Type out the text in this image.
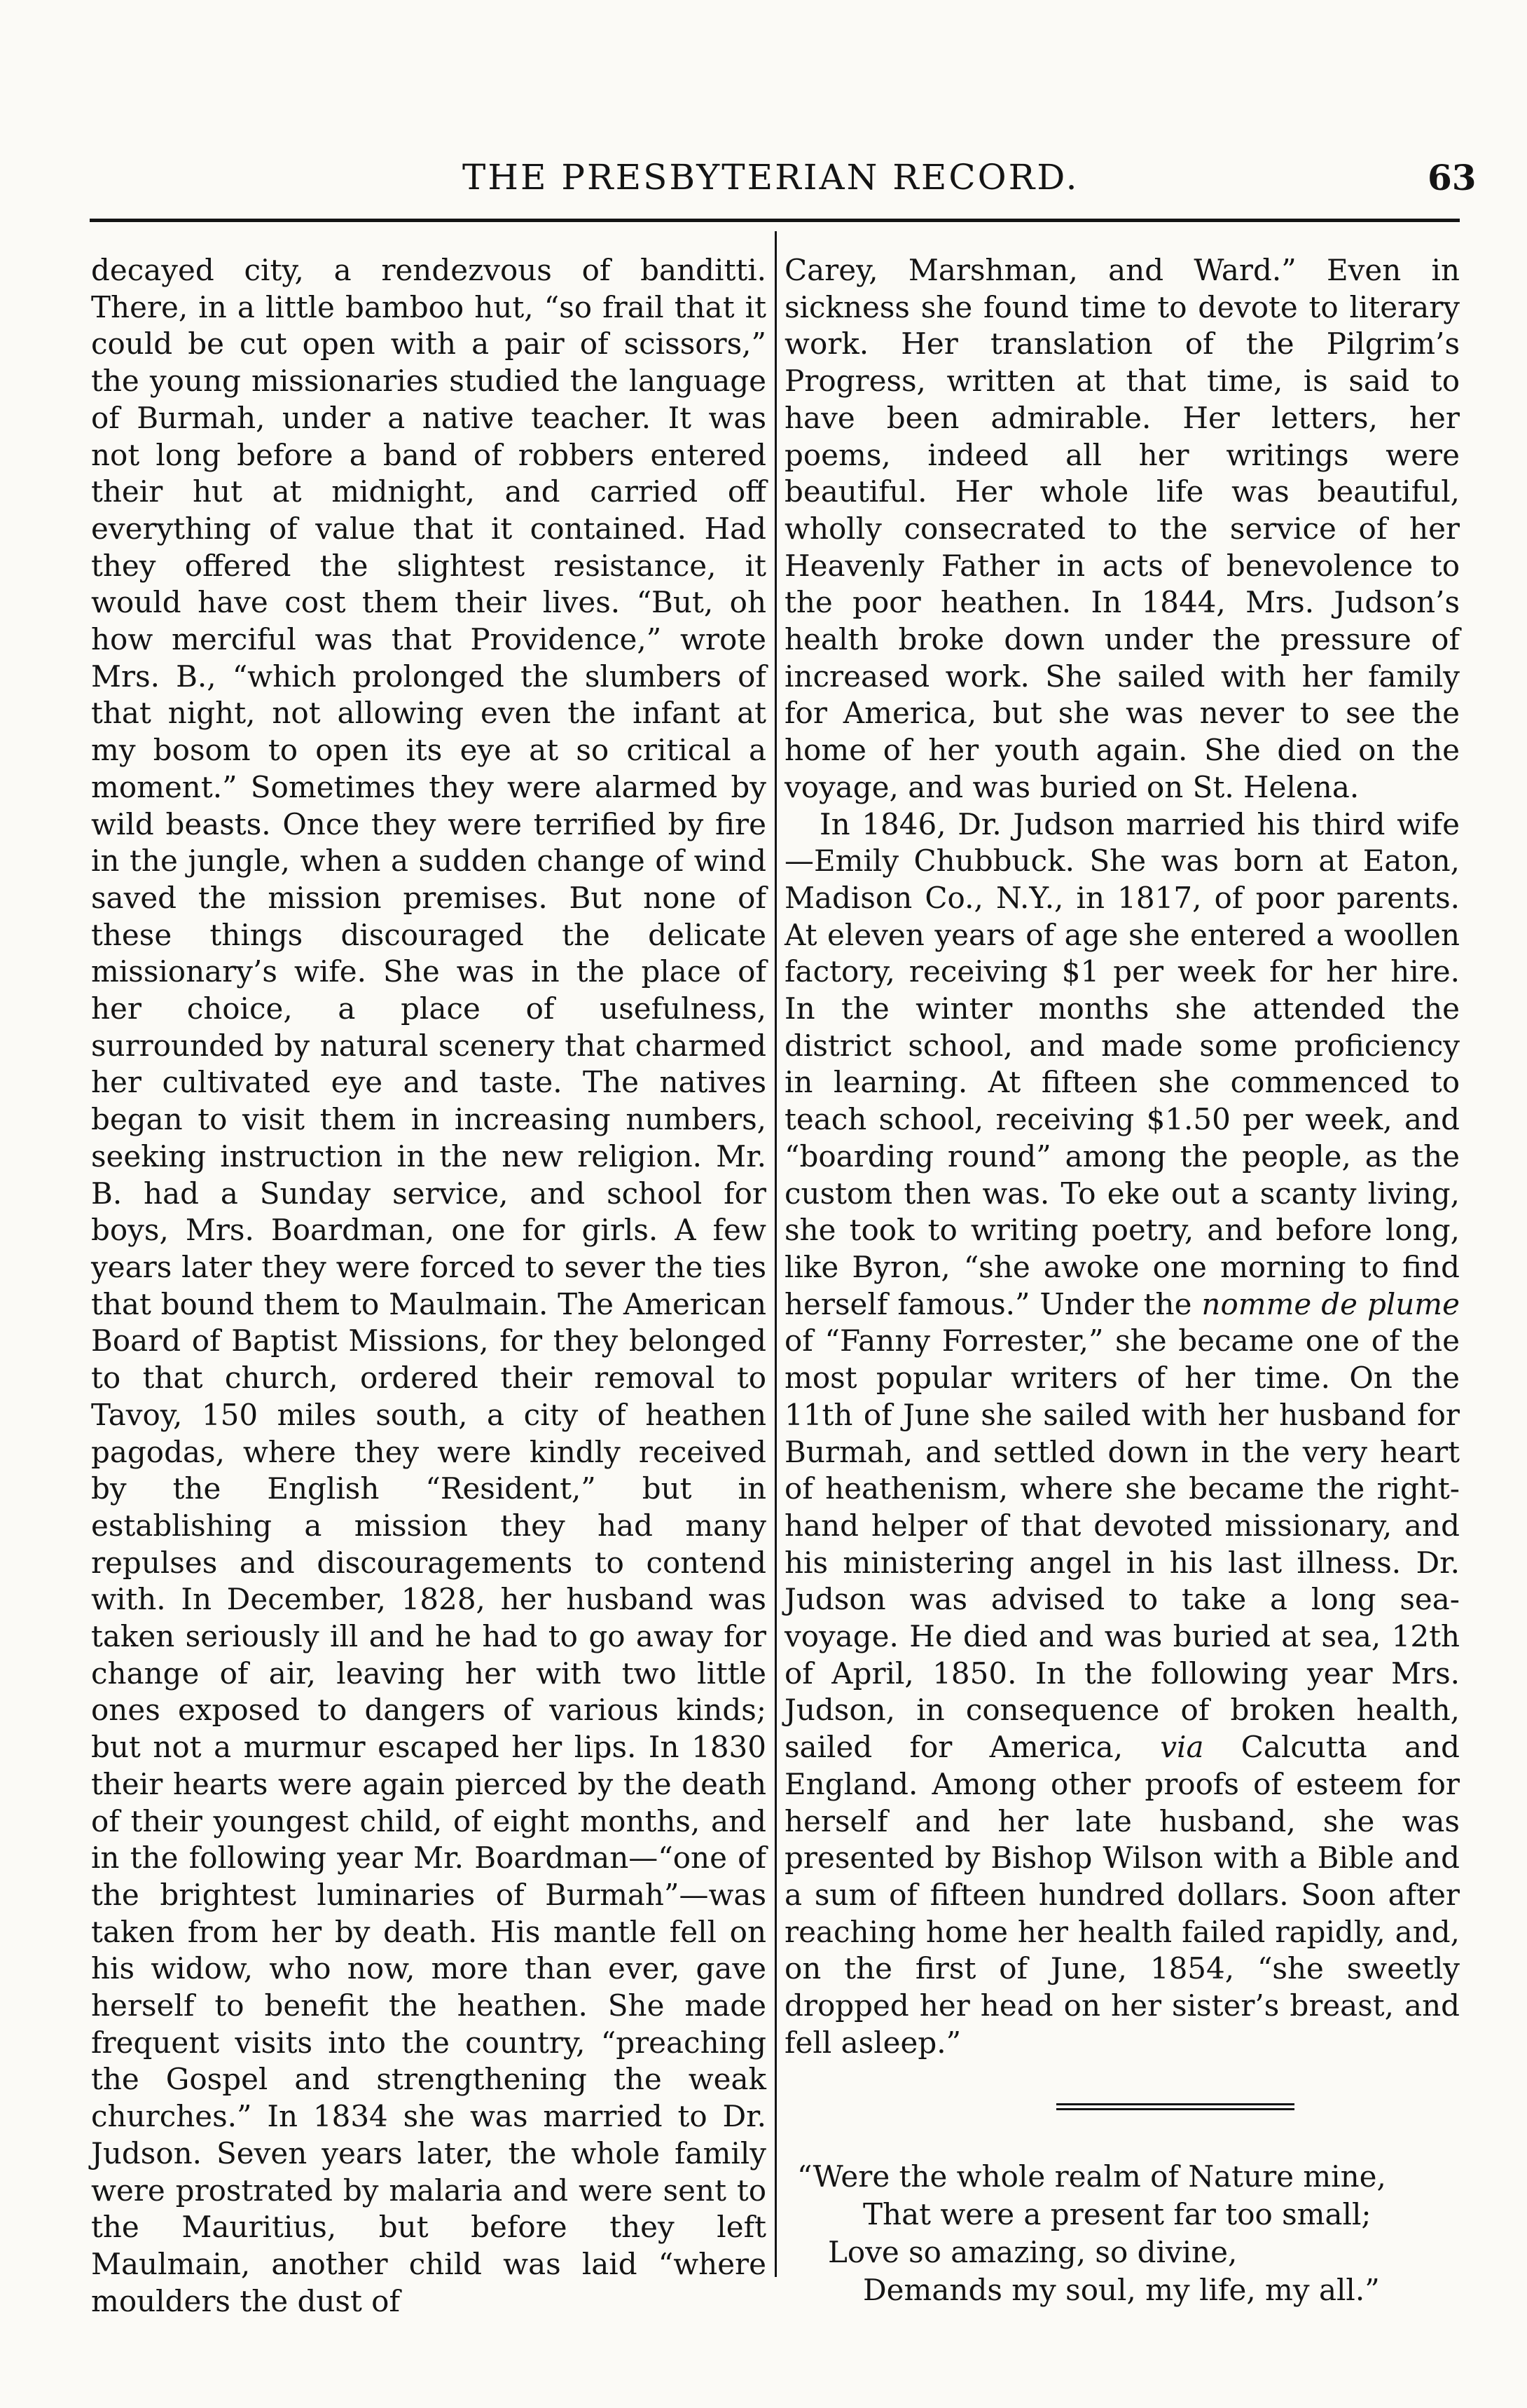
THE PRESBYTERIAN RECORD.	63

decayed city, a rendezvous of banditti. There, in a little bamboo hut, “so frail that it could be cut open with a pair of scissors,” the young missionaries studied the language of Burmah, under a native teacher. It was not long before a band of robbers entered their hut at midnight, and carried off everything of value that it contained. Had they offered the slightest resistance, it would have cost them their lives. “But, oh how merciful was that Providence,” wrote Mrs. B., “which prolonged the slumbers of that night, not allowing even the infant at my bosom to open its eye at so critical a moment.” Sometimes they were alarmed by wild beasts. Once they were terrified by fire in the jungle, when a sudden change of wind saved the mission premises. But none of these things discouraged the delicate missionary’s wife. She was in the place of her choice, a place of usefulness, surrounded by natural scenery that charmed her cultivated eye and taste. The natives began to visit them in increasing numbers, seeking instruction in the new religion. Mr. B. had a Sunday service, and school for boys, Mrs. Boardman, one for girls. A few years later they were forced to sever the ties that bound them to Maulmain. The American Board of Baptist Missions, for they belonged to that church, ordered their removal to Tavoy, 150 miles south, a city of heathen pagodas, where they were kindly received by the English “Resident,” but in establishing a mission they had many repulses and discouragements to contend with. In December, 1828, her husband was taken seriously ill and he had to go away for change of air, leaving her with two little ones exposed to dangers of various kinds; but not a murmur escaped her lips. In 1830 their hearts were again pierced by the death of their youngest child, of eight months, and in the following year Mr. Boardman—“one of the brightest luminaries of Burmah”—was taken from her by death. His mantle fell on his widow, who now, more than ever, gave herself to benefit the heathen. She made frequent visits into the country, “preaching the Gospel and strengthening the weak churches.” In 1834 she was married to Dr. Judson. Seven years later, the whole family were prostrated by malaria and were sent to the Mauritius, but before they left Maulmain, another child was laid “where moulders the dust of

Carey, Marshman, and Ward.” Even in sickness she found time to devote to literary work. Her translation of the Pilgrim’s Progress, written at that time, is said to have been admirable. Her letters, her poems, indeed all her writings were beautiful. Her whole life was beautiful, wholly consecrated to the service of her Heavenly Father in acts of benevolence to the poor heathen. In 1844, Mrs. Judson’s health broke down under the pressure of increased work. She sailed with her family for America, but she was never to see the home of her youth again. She died on the voyage, and was buried on St. Helena.

In 1846, Dr. Judson married his third wife—Emily Chubbuck. She was born at Eaton, Madison Co., N.Y., in 1817, of poor parents. At eleven years of age she entered a woollen factory, receiving $1 per week for her hire. In the winter months she attended the district school, and made some proficiency in learning. At fifteen she commenced to teach school, receiving $1.50 per week, and “boarding round” among the people, as the custom then was. To eke out a scanty living, she took to writing poetry, and before long, like Byron, “she awoke one morning to find herself famous.” Under the nomme de plume of “Fanny Forrester,” she became one of the most popular writers of her time. On the 11th of June she sailed with her husband for Burmah, and settled down in the very heart of heathenism, where she became the right-hand helper of that devoted missionary, and his ministering angel in his last illness. Dr. Judson was advised to take a long sea-voyage. He died and was buried at sea, 12th of April, 1850. In the following year Mrs. Judson, in consequence of broken health, sailed for America, via Calcutta and England. Among other proofs of esteem for herself and her late husband, she was presented by Bishop Wilson with a Bible and a sum of fifteen hundred dollars. Soon after reaching home her health failed rapidly, and, on the first of June, 1854, “she sweetly dropped her head on her sister’s breast, and fell asleep.”

“Were the whole realm of Nature mine,
That were a present far too small;
Love so amazing, so divine,
Demands my soul, my life, my all.”
